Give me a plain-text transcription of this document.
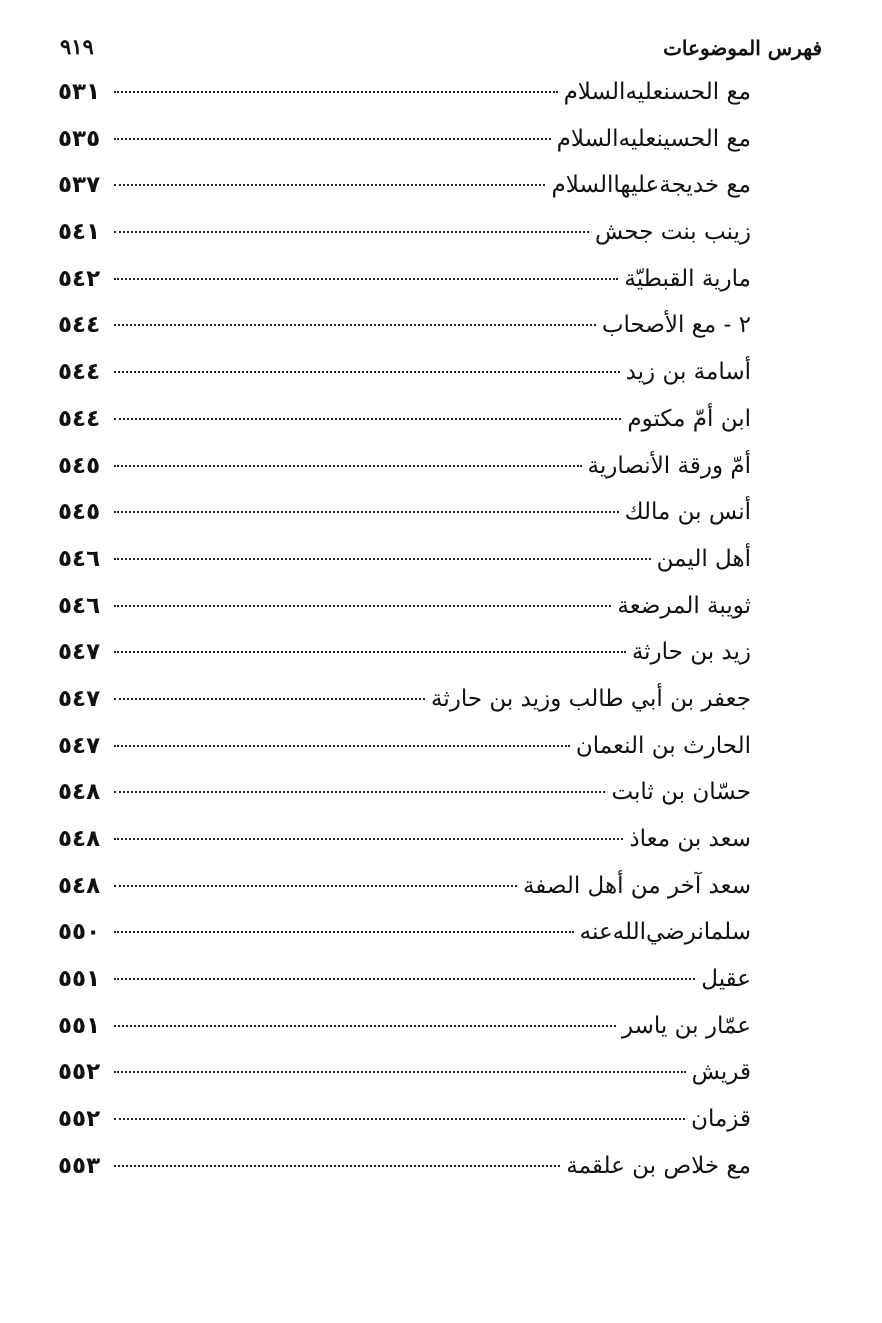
فهرس الموضوعات
٩١٩
مع الحسنعليه‌السلام
٥٣١
مع الحسينعليه‌السلام
٥٣٥
مع خديجةعليها‌السلام
٥٣٧
زينب بنت جحش
٥٤١
مارية القبطيّة
٥٤٢
٢ - مع الأصحاب
٥٤٤
أسامة بن زيد
٥٤٤
ابن أمّ مكتوم
٥٤٤
أمّ ورقة الأنصارية
٥٤٥
أنس بن مالك
٥٤٥
أهل اليمن
٥٤٦
ثويبة المرضعة
٥٤٦
زيد بن حارثة
٥٤٧
جعفر بن أبي طالب وزيد بن حارثة
٥٤٧
الحارث بن النعمان
٥٤٧
حسّان بن ثابت
٥٤٨
سعد بن معاذ
٥٤٨
سعد آخر من أهل الصفة
٥٤٨
سلمانرضي‌الله‌عنه
٥٥٠
عقيل
٥٥١
عمّار بن ياسر
٥٥١
قريش
٥٥٢
قزمان
٥٥٢
مع خلاص بن علقمة
٥٥٣
